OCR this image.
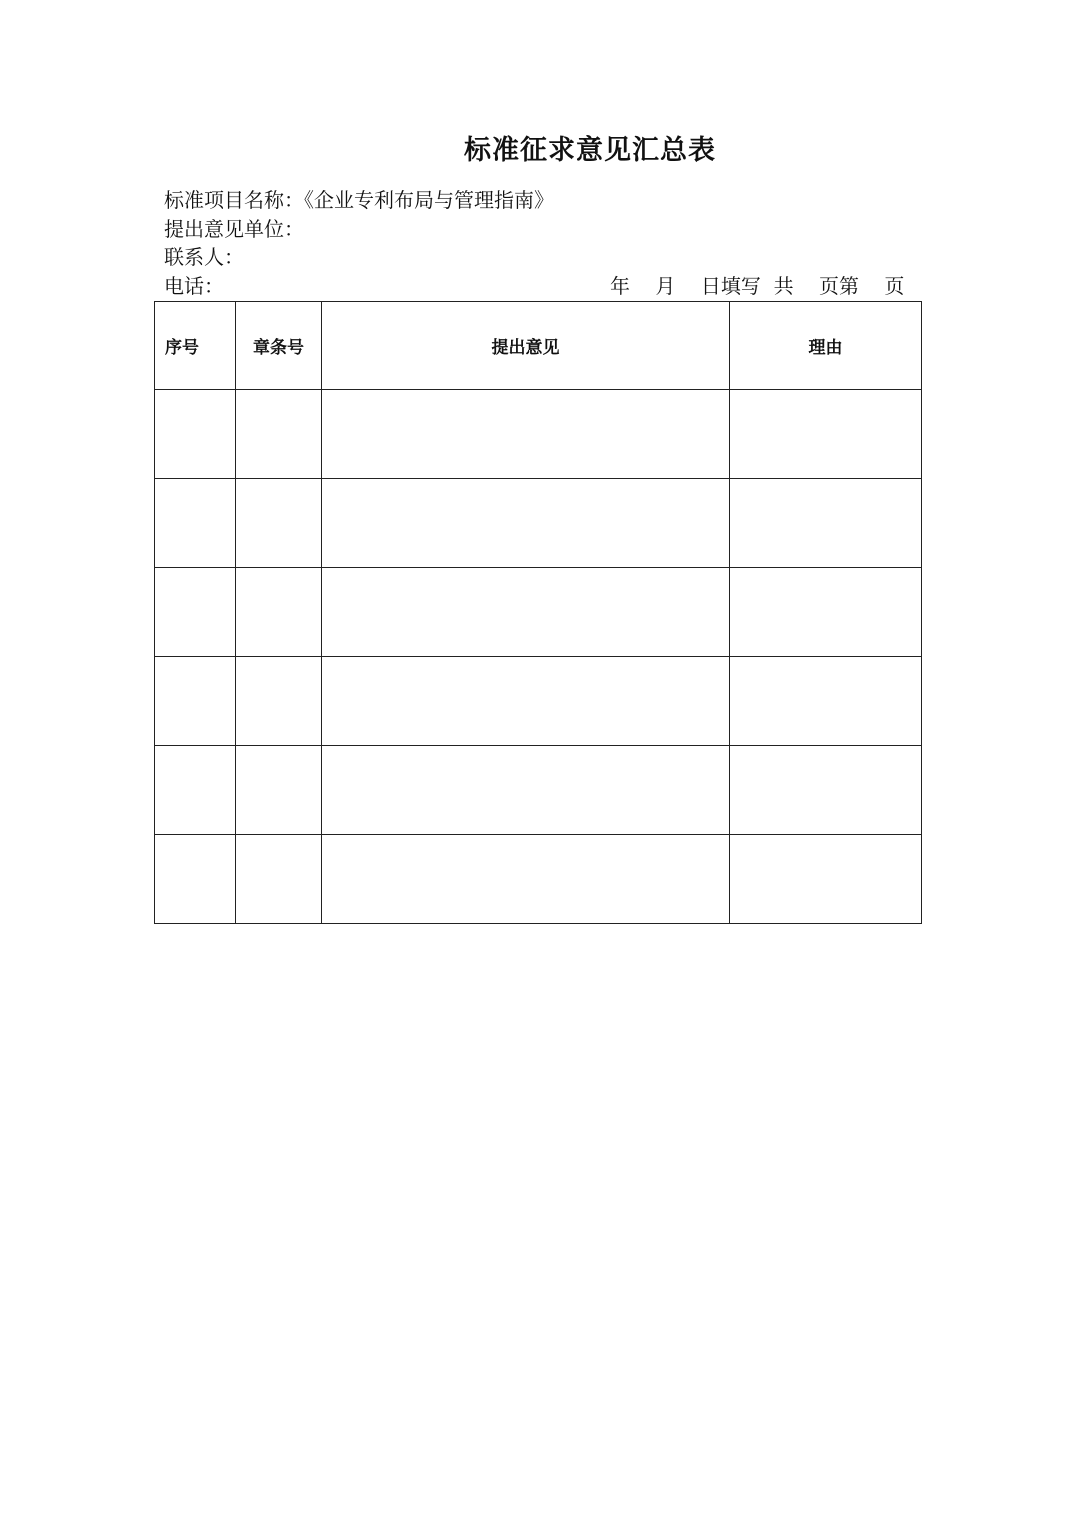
标准征求意见汇总表
标准项目名称：《企业专利布局与管理指南》
提出意见单位：
联系人：
电话：	年    月    日填写  共    页第    页
序号	章条号	提出意见	理由
